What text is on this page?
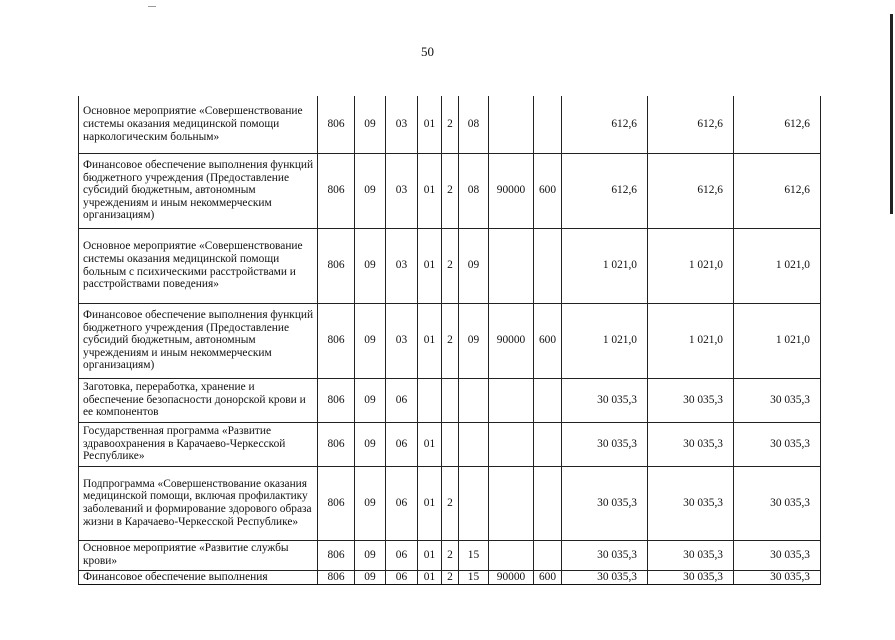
50
Основное мероприятие «Совершенствование системы оказания медицинской помощи наркологическим больным»	806	09	03	01	2	08			612,6	612,6	612,6
Финансовое обеспечение выполнения функций бюджетного учреждения (Предоставление субсидий бюджетным, автономным учреждениям и иным некоммерческим организациям)	806	09	03	01	2	08	90000	600	612,6	612,6	612,6
Основное мероприятие «Совершенствование системы оказания медицинской помощи больным с психическими расстройствами и расстройствами поведения»	806	09	03	01	2	09			1 021,0	1 021,0	1 021,0
Финансовое обеспечение выполнения функций бюджетного учреждения (Предоставление субсидий бюджетным, автономным учреждениям и иным некоммерческим организациям)	806	09	03	01	2	09	90000	600	1 021,0	1 021,0	1 021,0
Заготовка, переработка, хранение и обеспечение безопасности донорской крови и ее компонентов	806	09	06						30 035,3	30 035,3	30 035,3
Государственная программа «Развитие здравоохранения в Карачаево-Черкесской Республике»	806	09	06	01					30 035,3	30 035,3	30 035,3
Подпрограмма «Совершенствование оказания медицинской помощи, включая профилактику заболеваний и формирование здорового образа жизни в Карачаево-Черкесской Республике»	806	09	06	01	2				30 035,3	30 035,3	30 035,3
Основное мероприятие «Развитие службы крови»	806	09	06	01	2	15			30 035,3	30 035,3	30 035,3
Финансовое обеспечение выполнения	806	09	06	01	2	15	90000	600	30 035,3	30 035,3	30 035,3
